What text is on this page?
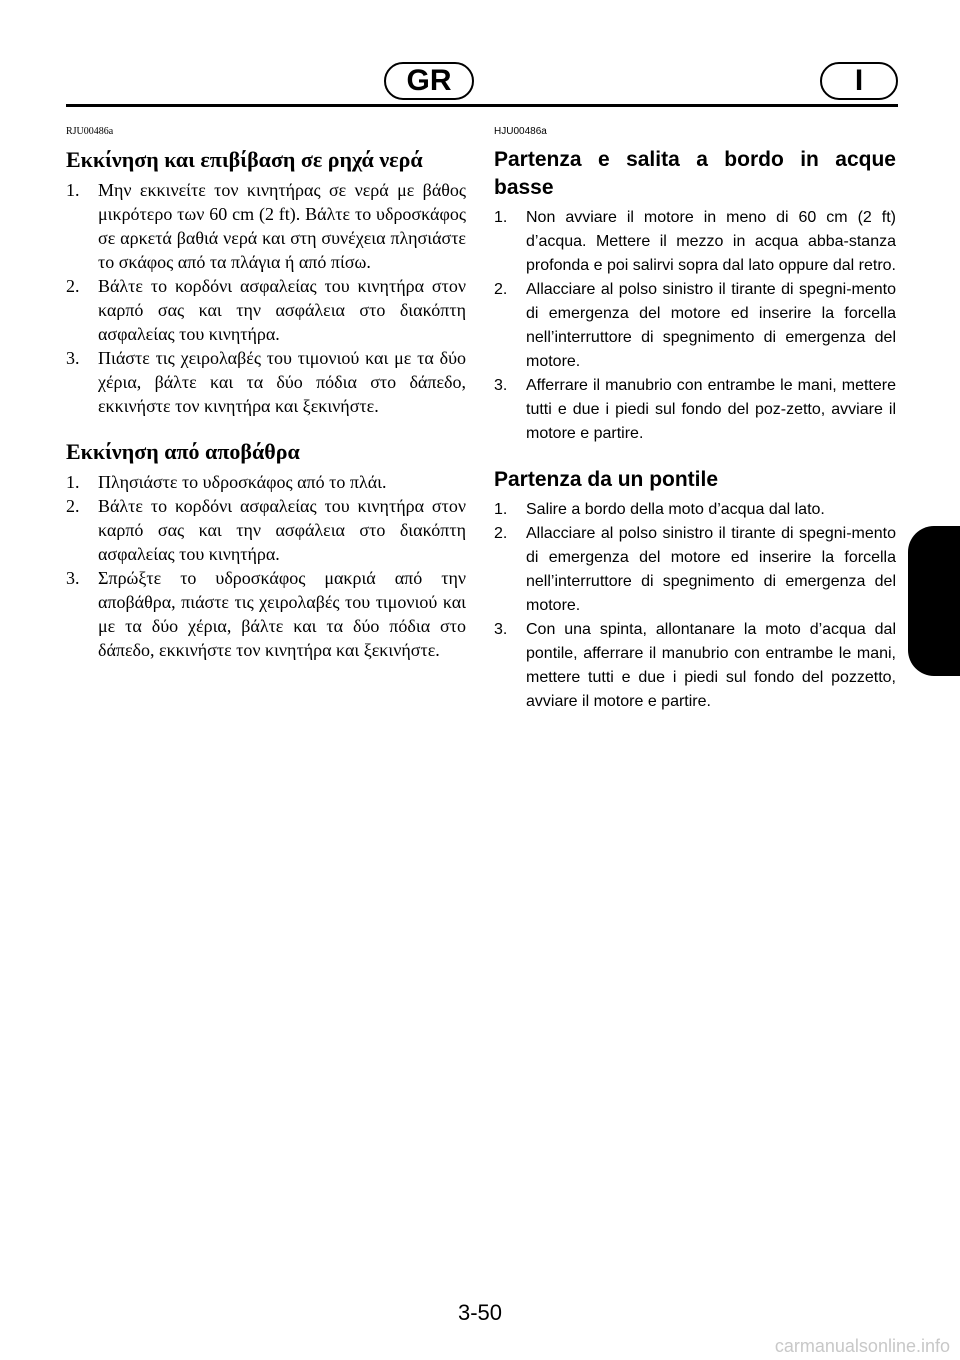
GR	I
RJU00486a
Εκκίνηση και επιβίβαση σε ρηχά νερά
1. Μην εκκινείτε τον κινητήρας σε νερά με βάθος μικρότερο των 60 cm (2 ft). Βάλτε το υδροσκάφος σε αρκετά βαθιά νερά και στη συνέχεια πλησιάστε το σκάφος από τα πλάγια ή από πίσω.
2. Βάλτε το κορδόνι ασφαλείας του κινητήρα στον καρπό σας και την ασφάλεια στο διακόπτη ασφαλείας του κινητήρα.
3. Πιάστε τις χειρολαβές του τιμονιού και με τα δύο χέρια, βάλτε και τα δύο πόδια στο δάπεδο, εκκινήστε τον κινητήρα και ξεκινήστε.
Εκκίνηση από αποβάθρα
1. Πλησιάστε το υδροσκάφος από το πλάι.
2. Βάλτε το κορδόνι ασφαλείας του κινητήρα στον καρπό σας και την ασφάλεια στο διακόπτη ασφαλείας του κινητήρα.
3. Σπρώξτε το υδροσκάφος μακριά από την αποβάθρα, πιάστε τις χειρολαβές του τιμονιού και με τα δύο χέρια, βάλτε και τα δύο πόδια στο δάπεδο, εκκινήστε τον κινητήρα και ξεκινήστε.
HJU00486a
Partenza e salita a bordo in acque basse
1. Non avviare il motore in meno di 60 cm (2 ft) d’acqua. Mettere il mezzo in acqua abba-stanza profonda e poi salirvi sopra dal lato oppure dal retro.
2. Allacciare al polso sinistro il tirante di spegni-mento di emergenza del motore ed inserire la forcella nell’interruttore di spegnimento di emergenza del motore.
3. Afferrare il manubrio con entrambe le mani, mettere tutti e due i piedi sul fondo del poz-zetto, avviare il motore e partire.
Partenza da un pontile
1. Salire a bordo della moto d’acqua dal lato.
2. Allacciare al polso sinistro il tirante di spegni-mento di emergenza del motore ed inserire la forcella nell’interruttore di spegnimento di emergenza del motore.
3. Con una spinta, allontanare la moto d’acqua dal pontile, afferrare il manubrio con entrambe le mani, mettere tutti e due i piedi sul fondo del pozzetto, avviare il motore e partire.
3-50
carmanualsonline.info
